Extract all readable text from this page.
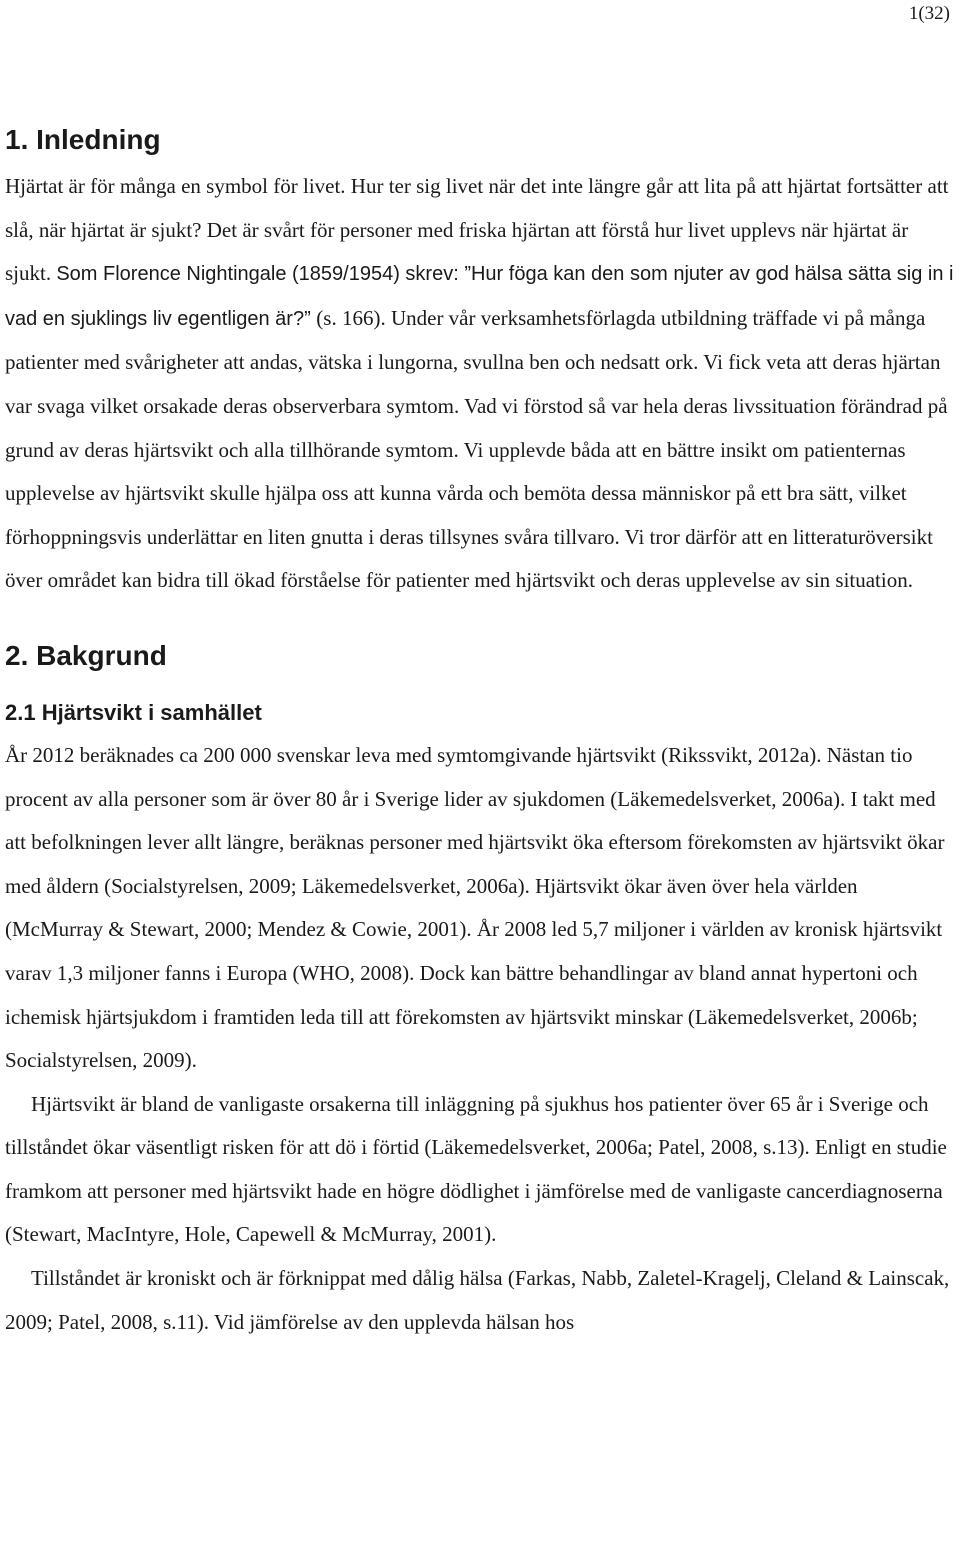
1(32)
1. Inledning

Hjärtat är för många en symbol för livet. Hur ter sig livet när det inte längre går att lita på att hjärtat fortsätter att slå, när hjärtat är sjukt? Det är svårt för personer med friska hjärtan att förstå hur livet upplevs när hjärtat är sjukt. Som Florence Nightingale (1859/1954) skrev: ”Hur föga kan den som njuter av god hälsa sätta sig in i vad en sjuklings liv egentligen är?” (s. 166). Under vår verksamhetsförlagda utbildning träffade vi på många patienter med svårigheter att andas, vätska i lungorna, svullna ben och nedsatt ork. Vi fick veta att deras hjärtan var svaga vilket orsakade deras observerbara symtom. Vad vi förstod så var hela deras livssituation förändrad på grund av deras hjärtsvikt och alla tillhörande symtom. Vi upplevde båda att en bättre insikt om patienternas upplevelse av hjärtsvikt skulle hjälpa oss att kunna vårda och bemöta dessa människor på ett bra sätt, vilket förhoppningsvis underlättar en liten gnutta i deras tillsynes svåra tillvaro. Vi tror därför att en litteraturöversikt över området kan bidra till ökad förståelse för patienter med hjärtsvikt och deras upplevelse av sin situation.

2. Bakgrund
2.1 Hjärtsvikt i samhället

År 2012 beräknades ca 200 000 svenskar leva med symtomgivande hjärtsvikt (Rikssvikt, 2012a). Nästan tio procent av alla personer som är över 80 år i Sverige lider av sjukdomen (Läkemedelsverket, 2006a). I takt med att befolkningen lever allt längre, beräknas personer med hjärtsvikt öka eftersom förekomsten av hjärtsvikt ökar med åldern (Socialstyrelsen, 2009; Läkemedelsverket, 2006a). Hjärtsvikt ökar även över hela världen (McMurray & Stewart, 2000; Mendez & Cowie, 2001). År 2008 led 5,7 miljoner i världen av kronisk hjärtsvikt varav 1,3 miljoner fanns i Europa (WHO, 2008). Dock kan bättre behandlingar av bland annat hypertoni och ichemisk hjärtsjukdom i framtiden leda till att förekomsten av hjärtsvikt minskar (Läkemedelsverket, 2006b; Socialstyrelsen, 2009).

Hjärtsvikt är bland de vanligaste orsakerna till inläggning på sjukhus hos patienter över 65 år i Sverige och tillståndet ökar väsentligt risken för att dö i förtid (Läkemedelsverket, 2006a; Patel, 2008, s.13). Enligt en studie framkom att personer med hjärtsvikt hade en högre dödlighet i jämförelse med de vanligaste cancerdiagnoserna (Stewart, MacIntyre, Hole, Capewell & McMurray, 2001).

Tillståndet är kroniskt och är förknippat med dålig hälsa (Farkas, Nabb, Zaletel-Kragelj, Cleland & Lainscak, 2009; Patel, 2008, s.11). Vid jämförelse av den upplevda hälsan hos
